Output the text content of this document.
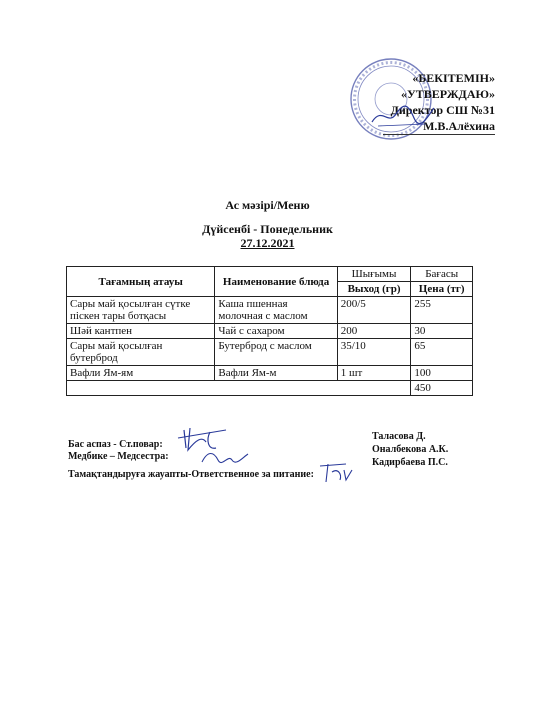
«БЕКІТЕМІН»
«УТВЕРЖДАЮ»
Директор СШ №31
М.В.Алёхина
Ас мәзірі/Меню
Дүйсенбі - Понедельник
27.12.2021
Тағамның атауы	Наименование блюда	Шығымы	Бағасы
		Выход (гр)	Цена (тг)
Сары май қосылған сүтке піскен тары ботқасы	Каша пшенная молочная с маслом	200/5	255
Шәй кантпен	Чай с сахаром	200	30
Сары май қосылған бутерброд	Бутерброд с маслом	35/10	65
Вафли Ям-ям	Вафли Ям-м	1 шт	100
			450
Бас аспаз - Ст.повар:
Медбике – Медсестра:
Тамақтандыруға жауапты-Ответственное за питание:
Таласова Д.
Оналбекова А.К.
Кадирбаева П.С.
